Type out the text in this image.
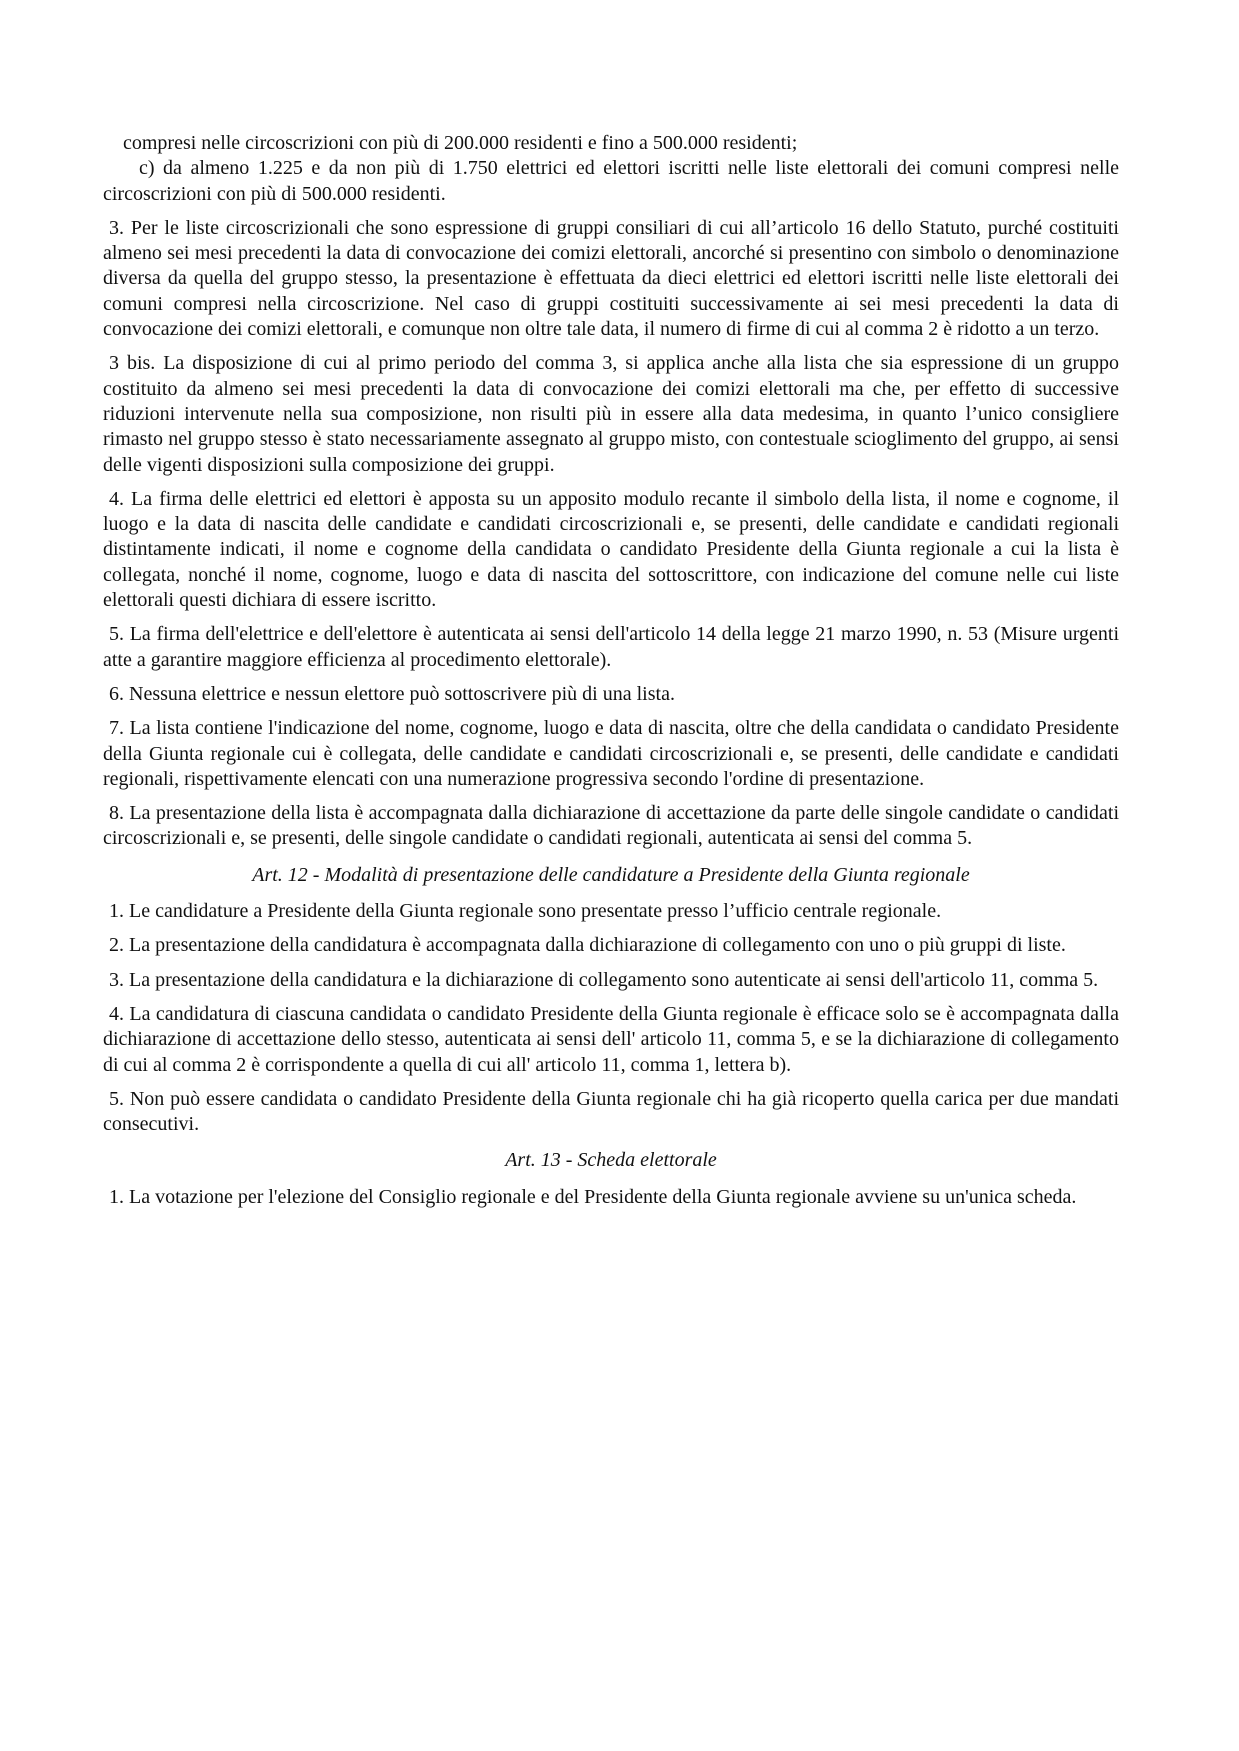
compresi nelle circoscrizioni con più di 200.000 residenti e fino a 500.000 residenti;

c) da almeno 1.225 e da non più di 1.750 elettrici ed elettori iscritti nelle liste elettorali dei comuni compresi nelle circoscrizioni con più di 500.000 residenti.

3. Per le liste circoscrizionali che sono espressione di gruppi consiliari di cui all’articolo 16 dello Statuto, purché costituiti almeno sei mesi precedenti la data di convocazione dei comizi elettorali, ancorché si presentino con simbolo o denominazione diversa da quella del gruppo stesso, la presentazione è effettuata da dieci elettrici ed elettori iscritti nelle liste elettorali dei comuni compresi nella circoscrizione. Nel caso di gruppi costituiti successivamente ai sei mesi precedenti la data di convocazione dei comizi elettorali, e comunque non oltre tale data, il numero di firme di cui al comma 2 è ridotto a un terzo.

3 bis. La disposizione di cui al primo periodo del comma 3, si applica anche alla lista che sia espressione di un gruppo costituito da almeno sei mesi precedenti la data di convocazione dei comizi elettorali ma che, per effetto di successive riduzioni intervenute nella sua composizione, non risulti più in essere alla data medesima, in quanto l’unico consigliere rimasto nel gruppo stesso è stato necessariamente assegnato al gruppo misto, con contestuale scioglimento del gruppo, ai sensi delle vigenti disposizioni sulla composizione dei gruppi.

4. La firma delle elettrici ed elettori è apposta su un apposito modulo recante il simbolo della lista, il nome e cognome, il luogo e la data di nascita delle candidate e candidati circoscrizionali e, se presenti, delle candidate e candidati regionali distintamente indicati, il nome e cognome della candidata o candidato Presidente della Giunta regionale a cui la lista è collegata, nonché il nome, cognome, luogo e data di nascita del sottoscrittore, con indicazione del comune nelle cui liste elettorali questi dichiara di essere iscritto.

5. La firma dell'elettrice e dell'elettore è autenticata ai sensi dell'articolo 14 della legge 21 marzo 1990, n. 53 (Misure urgenti atte a garantire maggiore efficienza al procedimento elettorale).

6. Nessuna elettrice e nessun elettore può sottoscrivere più di una lista.

7. La lista contiene l'indicazione del nome, cognome, luogo e data di nascita, oltre che della candidata o candidato Presidente della Giunta regionale cui è collegata, delle candidate e candidati circoscrizionali e, se presenti, delle candidate e candidati regionali, rispettivamente elencati con una numerazione progressiva secondo l'ordine di presentazione.

8. La presentazione della lista è accompagnata dalla dichiarazione di accettazione da parte delle singole candidate o candidati circoscrizionali e, se presenti, delle singole candidate o candidati regionali, autenticata ai sensi del comma 5.

Art. 12 - Modalità di presentazione delle candidature a Presidente della Giunta regionale

1. Le candidature a Presidente della Giunta regionale sono presentate presso l’ufficio centrale regionale.

2. La presentazione della candidatura è accompagnata dalla dichiarazione di collegamento con uno o più gruppi di liste.

3. La presentazione della candidatura e la dichiarazione di collegamento sono autenticate ai sensi dell'articolo 11, comma 5.

4. La candidatura di ciascuna candidata o candidato Presidente della Giunta regionale è efficace solo se è accompagnata dalla dichiarazione di accettazione dello stesso, autenticata ai sensi dell' articolo 11, comma 5, e se la dichiarazione di collegamento di cui al comma 2 è corrispondente a quella di cui all' articolo 11, comma 1, lettera b).

5. Non può essere candidata o candidato Presidente della Giunta regionale chi ha già ricoperto quella carica per due mandati consecutivi.

Art. 13 - Scheda elettorale

1. La votazione per l'elezione del Consiglio regionale e del Presidente della Giunta regionale avviene su un'unica scheda.
